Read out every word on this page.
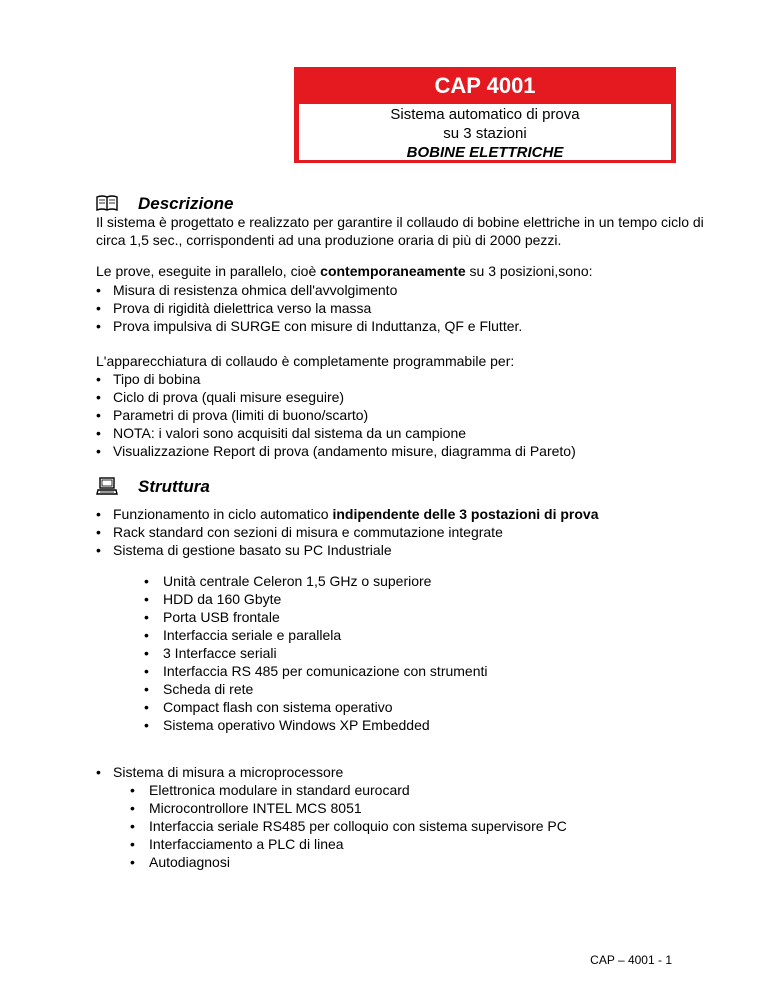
CAP 4001
Sistema automatico di prova
su 3 stazioni
BOBINE ELETTRICHE
Descrizione
Il sistema è progettato e realizzato per garantire il collaudo di bobine elettriche in un tempo ciclo di circa 1,5 sec., corrispondenti ad una produzione oraria di più di 2000 pezzi.
Le prove, eseguite in parallelo, cioè contemporaneamente su 3 posizioni,sono:
• Misura di resistenza ohmica dell'avvolgimento
• Prova di rigidità dielettrica verso la massa
• Prova impulsiva di SURGE con misure di Induttanza, QF e Flutter.
L'apparecchiatura di collaudo è completamente programmabile per:
• Tipo di bobina
• Ciclo di prova (quali misure eseguire)
• Parametri di prova (limiti di buono/scarto)
• NOTA: i valori sono acquisiti dal sistema da un campione
• Visualizzazione Report di prova (andamento misure, diagramma di Pareto)
Struttura
• Funzionamento in ciclo automatico indipendente delle 3 postazioni di prova
• Rack standard con sezioni di misura e commutazione integrate
• Sistema di gestione basato su PC Industriale
• Unità centrale Celeron 1,5 GHz o superiore
• HDD da 160 Gbyte
• Porta USB frontale
• Interfaccia seriale e parallela
• 3 Interfacce seriali
• Interfaccia RS 485 per comunicazione con strumenti
• Scheda di rete
• Compact flash con sistema operativo
• Sistema operativo Windows XP Embedded
• Sistema di misura a microprocessore
• Elettronica modulare in standard eurocard
• Microcontrollore INTEL MCS 8051
• Interfaccia seriale RS485 per colloquio con sistema supervisore PC
• Interfacciamento a PLC di linea
• Autodiagnosi
CAP – 4001 - 1
